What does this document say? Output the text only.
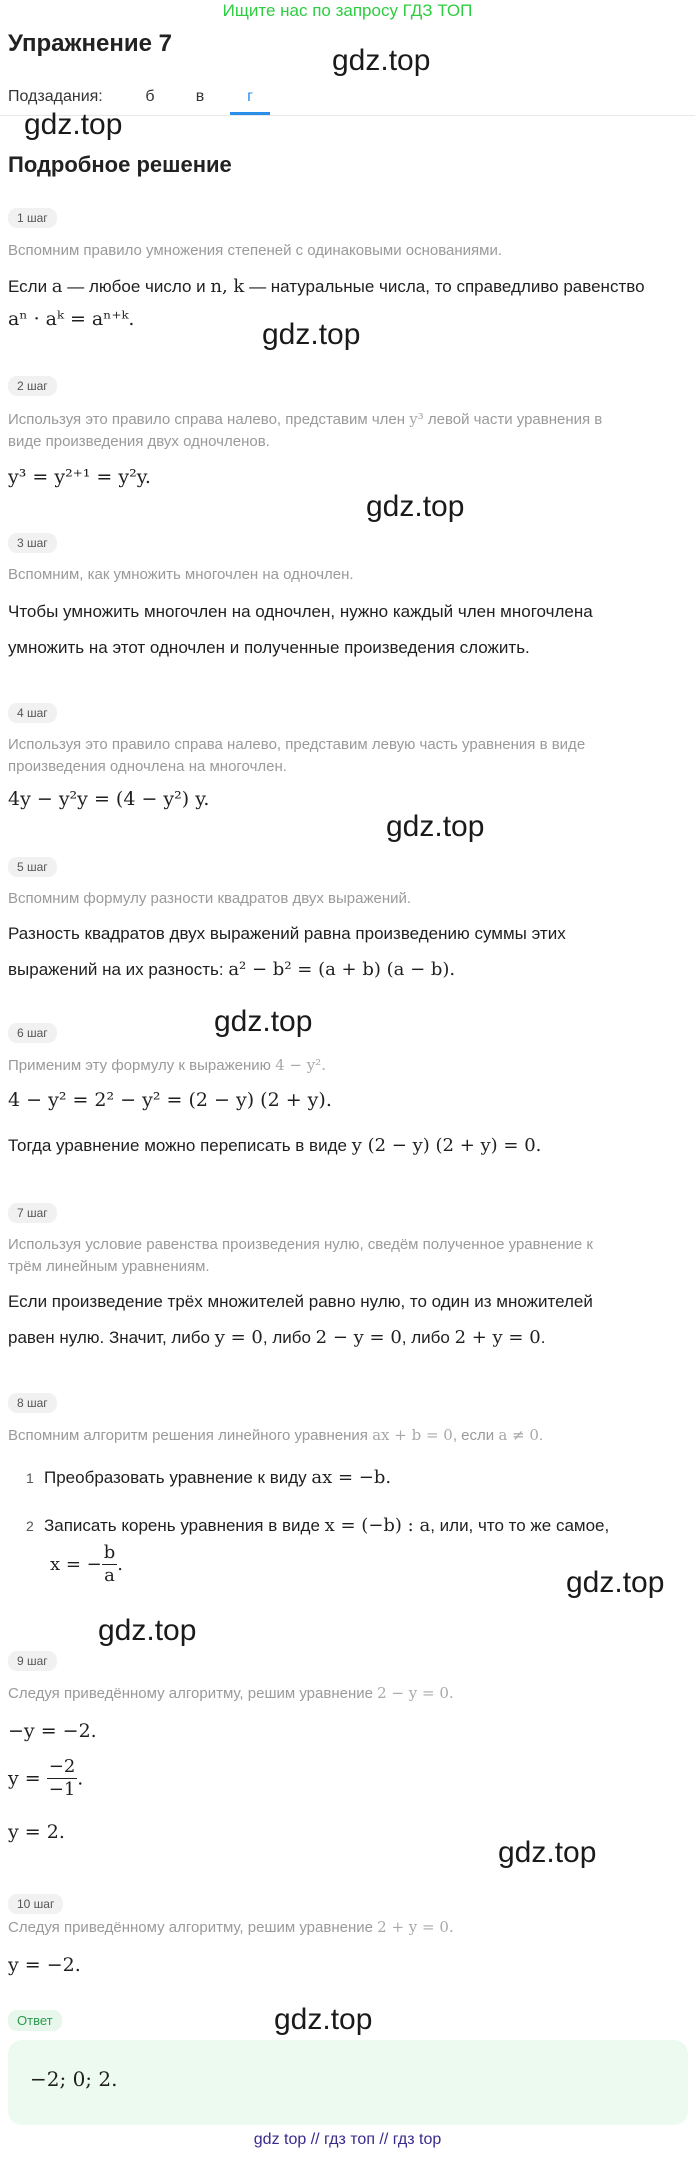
Ищите нас по запросу ГДЗ ТОП
Упражнение 7
gdz.top
Подзадания:	б	в	г
gdz.top
Подробное решение
1 шаг
Вспомним правило умножения степеней с одинаковыми основаниями.
Если a — любое число и n, k — натуральные числа, то справедливо равенство
aⁿ · aᵏ = aⁿ⁺ᵏ.	gdz.top
2 шаг
Используя это правило справа налево, представим член y³ левой части уравнения в
виде произведения двух одночленов.
y³ = y²⁺¹ = y²y.
gdz.top
3 шаг
Вспомним, как умножить многочлен на одночлен.
Чтобы умножить многочлен на одночлен, нужно каждый член многочлена
умножить на этот одночлен и полученные произведения сложить.
4 шаг
Используя это правило справа налево, представим левую часть уравнения в виде
произведения одночлена на многочлен.
4y − y²y = (4 − y²) y.
gdz.top
5 шаг
Вспомним формулу разности квадратов двух выражений.
Разность квадратов двух выражений равна произведению суммы этих
выражений на их разность: a² − b² = (a + b) (a − b).
gdz.top
6 шаг
Применим эту формулу к выражению 4 − y².
4 − y² = 2² − y² = (2 − y) (2 + y).
Тогда уравнение можно переписать в виде y (2 − y) (2 + y) = 0.
7 шаг
Используя условие равенства произведения нулю, сведём полученное уравнение к
трём линейным уравнениям.
Если произведение трёх множителей равно нулю, то один из множителей
равен нулю. Значит, либо y = 0, либо 2 − y = 0, либо 2 + y = 0.
8 шаг
Вспомним алгоритм решения линейного уравнения ax + b = 0, если a ≠ 0.
1 Преобразовать уравнение к виду ax = −b.
2 Записать корень уравнения в виде x = (−b) : a, или, что то же самое,
x = − $\frac{b}{a}$ .
gdz.top
gdz.top
9 шаг
Следуя приведённому алгоритму, решим уравнение 2 − y = 0.
−y = −2.
$y = \frac{-2}{-1}$ .
y = 2.
gdz.top
10 шаг
Следуя приведённому алгоритму, решим уравнение 2 + y = 0.
y = −2.
Ответ	gdz.top
−2; 0; 2.
gdz top // гдз топ // гдз top
